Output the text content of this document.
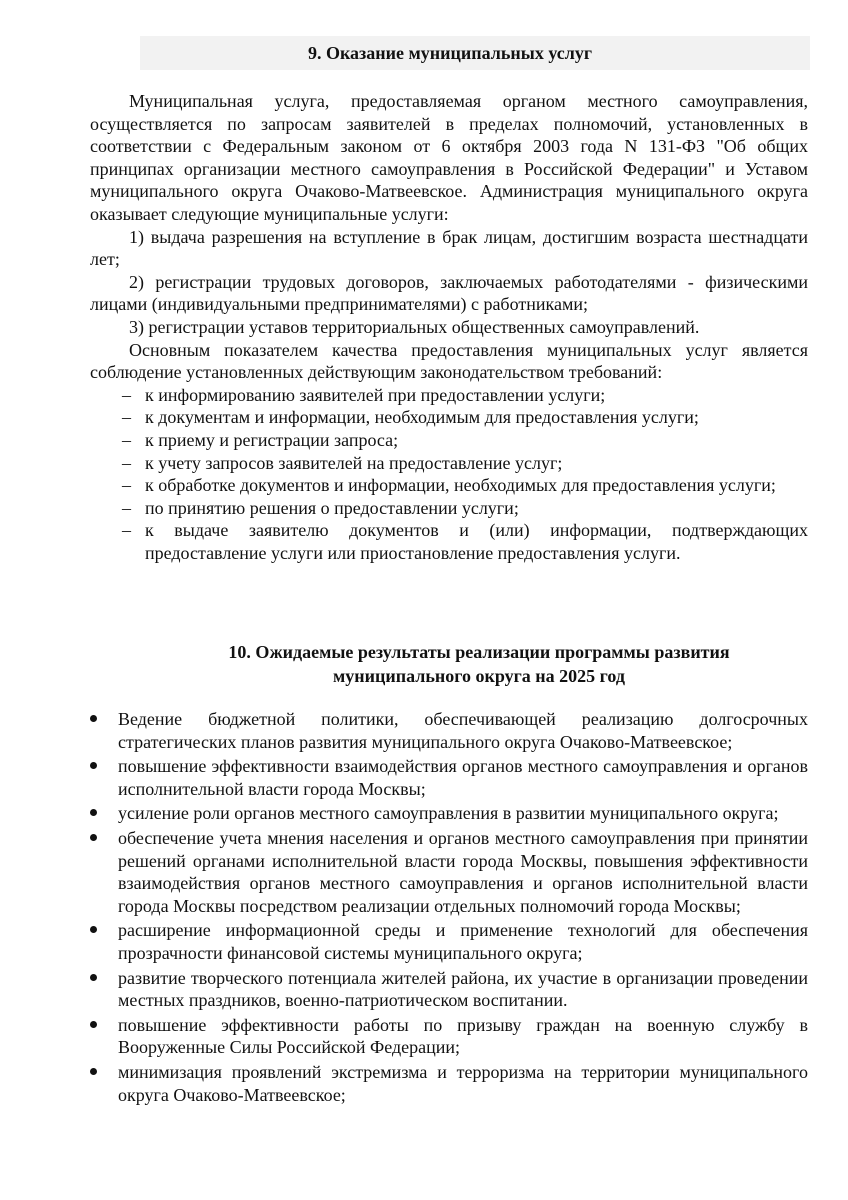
9. Оказание муниципальных услуг

Муниципальная услуга, предоставляемая органом местного самоуправления, осуществляется по запросам заявителей в пределах полномочий, установленных в соответствии с Федеральным законом от 6 октября 2003 года N 131-ФЗ "Об общих принципах организации местного самоуправления в Российской Федерации" и Уставом муниципального округа Очаково-Матвеевское. Администрация муниципального округа оказывает следующие муниципальные услуги:

1) выдача разрешения на вступление в брак лицам, достигшим возраста шестнадцати лет;

2) регистрации трудовых договоров, заключаемых работодателями - физическими лицами (индивидуальными предпринимателями) с работниками;

3) регистрации уставов территориальных общественных самоуправлений.

Основным показателем качества предоставления муниципальных услуг является соблюдение установленных действующим законодательством требований:

– к информированию заявителей при предоставлении услуги;
– к документам и информации, необходимым для предоставления услуги;
– к приему и регистрации запроса;
– к учету запросов заявителей на предоставление услуг;
– к обработке документов и информации, необходимых для предоставления услуги;
– по принятию решения о предоставлении услуги;
– к выдаче заявителю документов и (или) информации, подтверждающих предоставление услуги или приостановление предоставления услуги.
10. Ожидаемые результаты реализации программы развития
муниципального округа на 2025 год
Ведение бюджетной политики, обеспечивающей реализацию долгосрочных стратегических планов развития муниципального округа Очаково-Матвеевское;
повышение эффективности взаимодействия органов местного самоуправления и органов исполнительной власти города Москвы;
усиление роли органов местного самоуправления в развитии муниципального округа;
обеспечение учета мнения населения и органов местного самоуправления при принятии решений органами исполнительной власти города Москвы, повышения эффективности взаимодействия органов местного самоуправления и органов исполнительной власти города Москвы посредством реализации отдельных полномочий города Москвы;
расширение информационной среды и применение технологий для обеспечения прозрачности финансовой системы муниципального округа;
развитие творческого потенциала жителей района, их участие в организации проведении местных праздников, военно-патриотическом воспитании.
повышение эффективности работы по призыву граждан на военную службу в Вооруженные Силы Российской Федерации;
минимизация проявлений экстремизма и терроризма на территории муниципального округа Очаково-Матвеевское;
